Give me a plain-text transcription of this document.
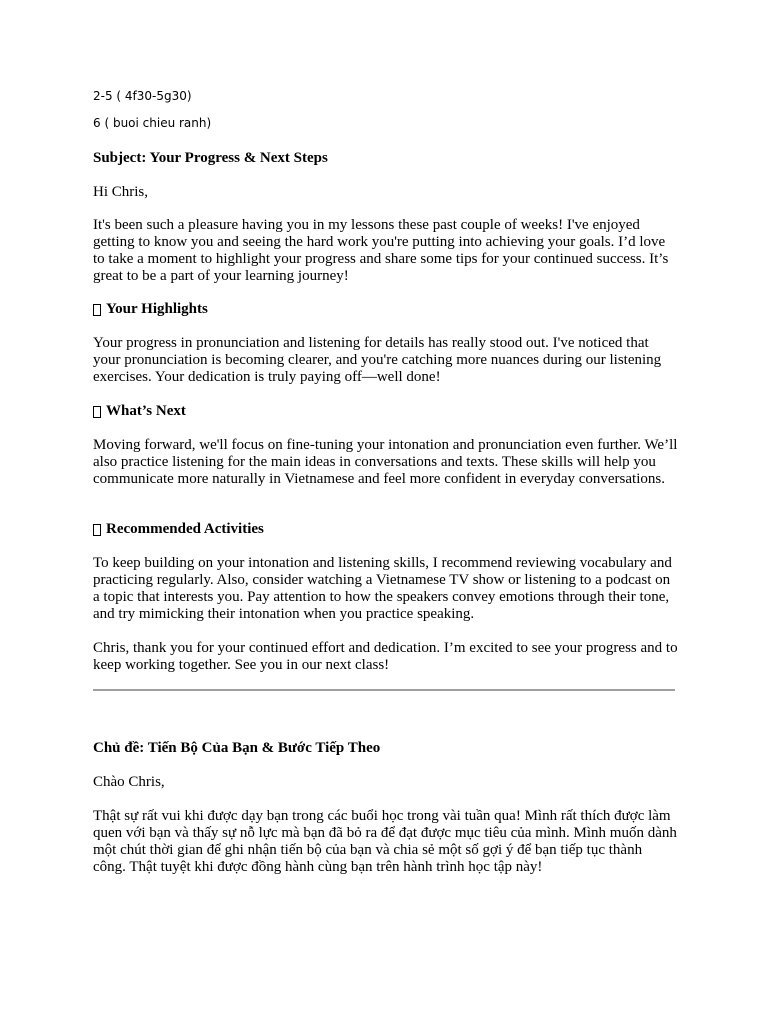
2-5 ( 4f30-5g30)

6 ( buoi chieu ranh)

Subject: Your Progress & Next Steps

Hi Chris,

It's been such a pleasure having you in my lessons these past couple of weeks! I've enjoyed getting to know you and seeing the hard work you're putting into achieving your goals. I’d love to take a moment to highlight your progress and share some tips for your continued success. It’s great to be a part of your learning journey!

Your Highlights

Your progress in pronunciation and listening for details has really stood out. I've noticed that your pronunciation is becoming clearer, and you're catching more nuances during our listening exercises. Your dedication is truly paying off—well done!

What’s Next

Moving forward, we'll focus on fine-tuning your intonation and pronunciation even further. We’ll also practice listening for the main ideas in conversations and texts. These skills will help you communicate more naturally in Vietnamese and feel more confident in everyday conversations.

Recommended Activities

To keep building on your intonation and listening skills, I recommend reviewing vocabulary and practicing regularly. Also, consider watching a Vietnamese TV show or listening to a podcast on a topic that interests you. Pay attention to how the speakers convey emotions through their tone, and try mimicking their intonation when you practice speaking.

Chris, thank you for your continued effort and dedication. I’m excited to see your progress and to keep working together. See you in our next class!

Chủ đề: Tiến Bộ Của Bạn & Bước Tiếp Theo

Chào Chris,

Thật sự rất vui khi được dạy bạn trong các buổi học trong vài tuần qua! Mình rất thích được làm quen với bạn và thấy sự nỗ lực mà bạn đã bỏ ra để đạt được mục tiêu của mình. Mình muốn dành một chút thời gian để ghi nhận tiến bộ của bạn và chia sẻ một số gợi ý để bạn tiếp tục thành công. Thật tuyệt khi được đồng hành cùng bạn trên hành trình học tập này!
